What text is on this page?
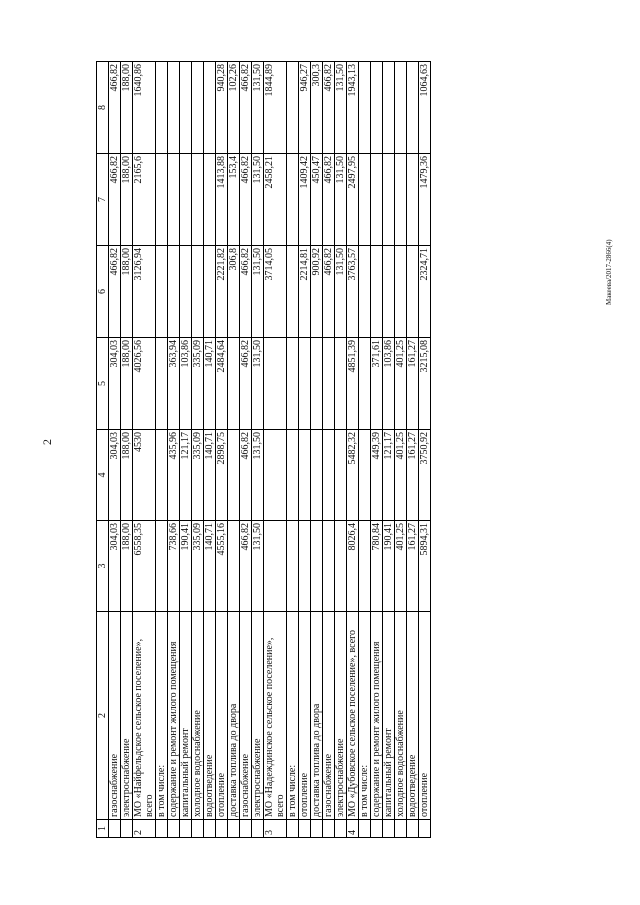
2
Макеева/2017-2866(4)
1	2	3	4	5	6	7	8
	газоснабжение	304,03	304,03	304,03	466,82	466,82	466,82
	электроснабжение	188,00	188,00	188,00	188,00	188,00	188,00
2	МО «Найфельдское сельское поселение», всего	6558,35	4530	4026,56	3126,94	2165,6	1640,86
	в том числе:						
	содержание и ремонт жилого помещения	738,66	435,96	363,94			
	капитальный ремонт	190,41	121,17	103,86			
	холодное водоснабжение	335,09	335,09	335,09			
	водоотведение	140,71	140,71	140,71			
	отопление	4555,16	2898,75	2484,64	2221,82	1413,88	940,28
	доставка топлива до двора				306,8	153,4	102,26
	газоснабжение	466,82	466,82	466,82	466,82	466,82	466,82
	электроснабжение	131,50	131,50	131,50	131,50	131,50	131,50
3	МО «Надеждинское сельское поселение», всего				3714,05	2458,21	1844,89
	в том числе:						
	отопление				2214,81	1409,42	946,27
	доставка топлива до двора				900,92	450,47	300,3
	газоснабжение				466,82	466,82	466,82
	электроснабжение				131,50	131,50	131,50
4	МО «Дубовское сельское поселение», всего	8026,4	5482,32	4851,39	3763,57	2497,95	1943,13
	в том числе:						
	содержание и ремонт жилого помещения	780,84	449,39	371,61			
	капитальный ремонт	190,41	121,17	103,86			
	холодное водоснабжение	401,25	401,25	401,25			
	водоотведение	161,27	161,27	161,27			
	отопление	5894,31	3750,92	3215,08	2324,71	1479,36	1064,63
